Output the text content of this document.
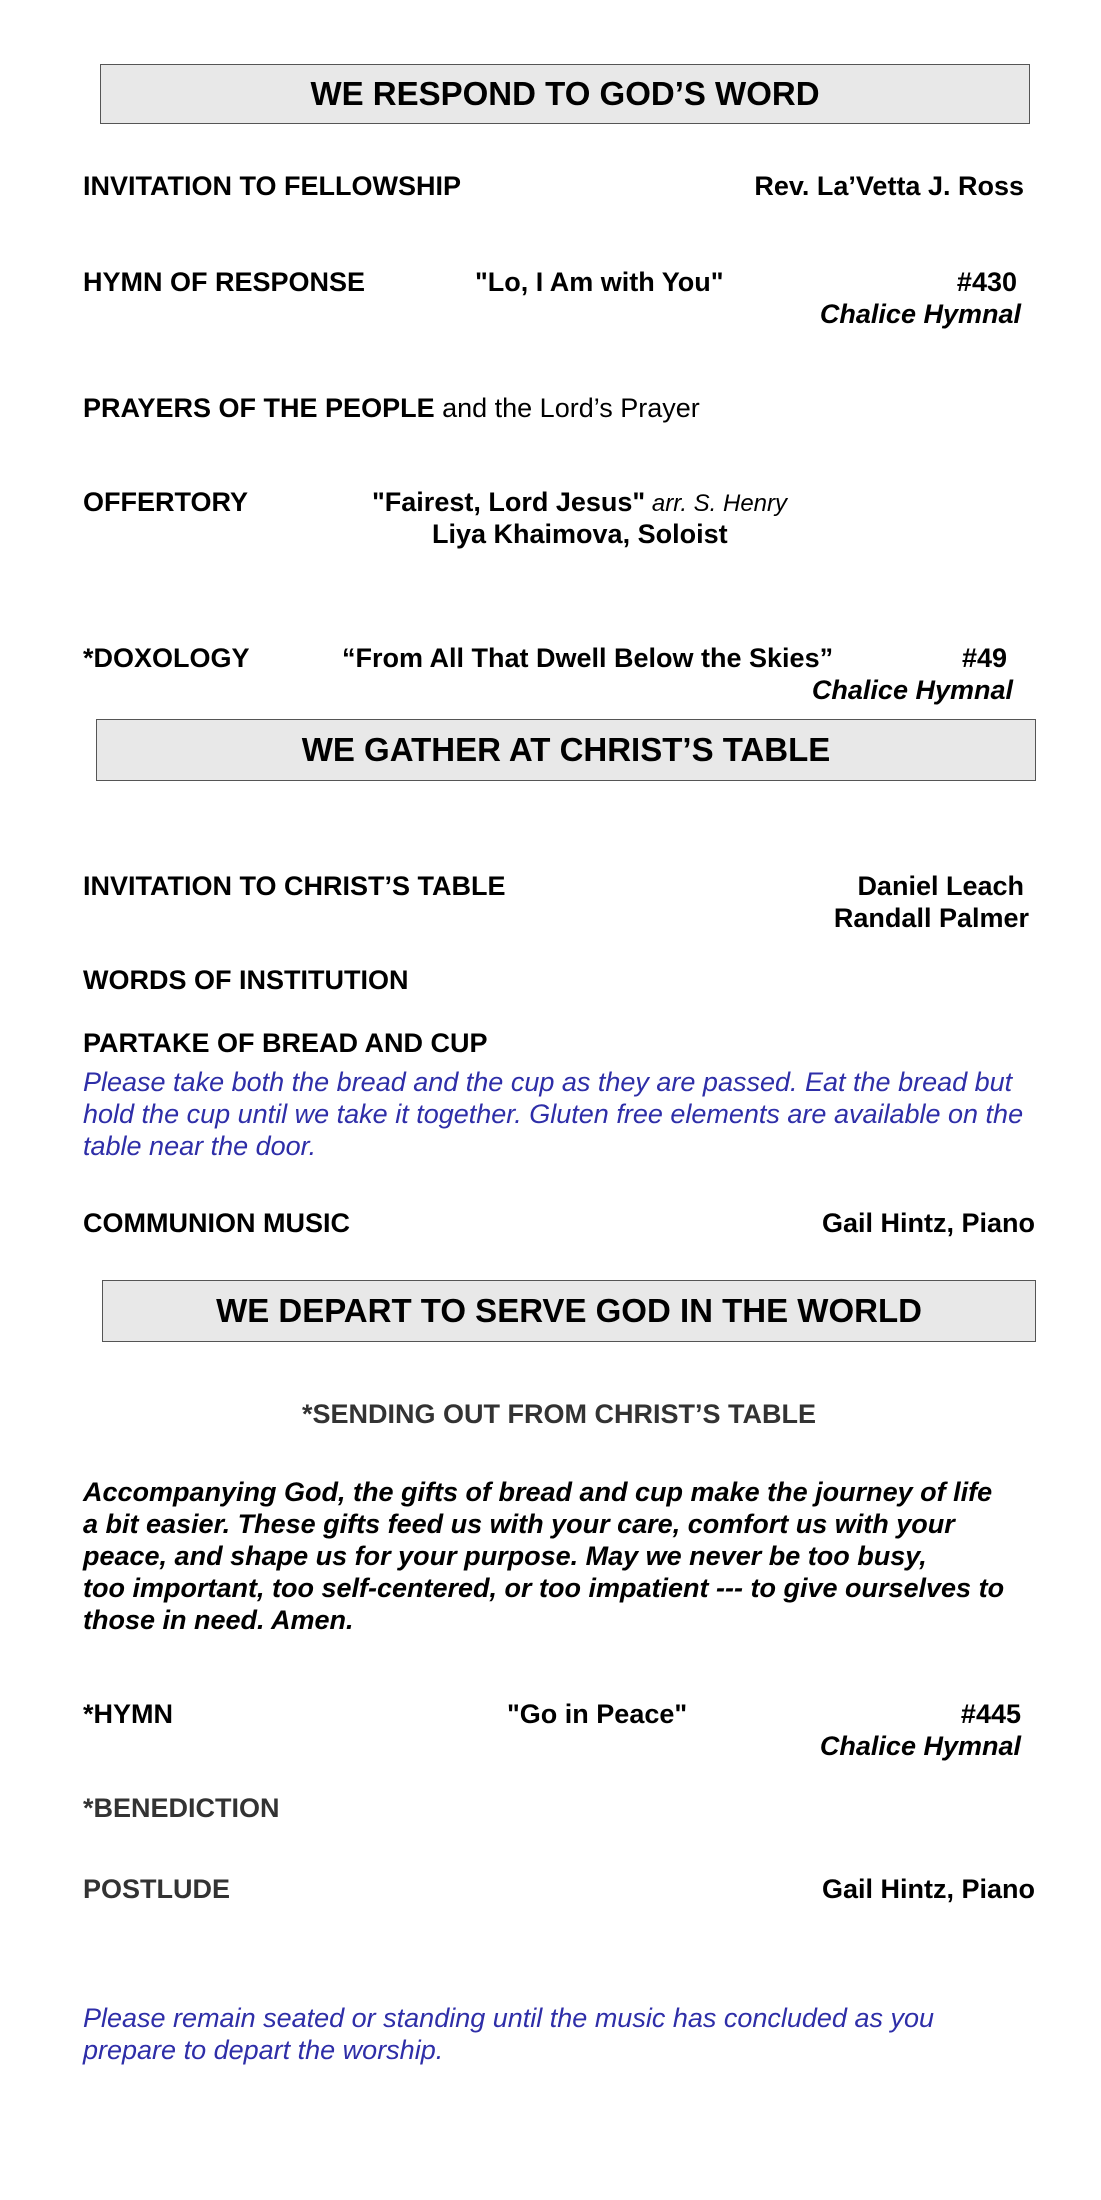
WE RESPOND TO GOD’S WORD
INVITATION TO FELLOWSHIP	Rev. La’Vetta J. Ross
HYMN OF RESPONSE	"Lo, I Am with You"	#430
Chalice Hymnal
PRAYERS OF THE PEOPLE and the Lord’s Prayer
OFFERTORY	"Fairest, Lord Jesus" arr. S. Henry
Liya Khaimova, Soloist
*DOXOLOGY	“From All That Dwell Below the Skies”	#49
Chalice Hymnal
WE GATHER AT CHRIST’S TABLE
INVITATION TO CHRIST’S TABLE	Daniel Leach
Randall Palmer
WORDS OF INSTITUTION
PARTAKE OF BREAD AND CUP
Please take both the bread and the cup as they are passed. Eat the bread but hold the cup until we take it together. Gluten free elements are available on the table near the door.
COMMUNION MUSIC	Gail Hintz, Piano
WE DEPART TO SERVE GOD IN THE WORLD
*SENDING OUT FROM CHRIST’S TABLE
Accompanying God, the gifts of bread and cup make the journey of life
a bit easier. These gifts feed us with your care, comfort us with your
peace, and shape us for your purpose. May we never be too busy,
too important, too self-centered, or too impatient --- to give ourselves to
those in need. Amen.
*HYMN	"Go in Peace"	#445
Chalice Hymnal
*BENEDICTION
POSTLUDE	Gail Hintz, Piano
Please remain seated or standing until the music has concluded as you prepare to depart the worship.
